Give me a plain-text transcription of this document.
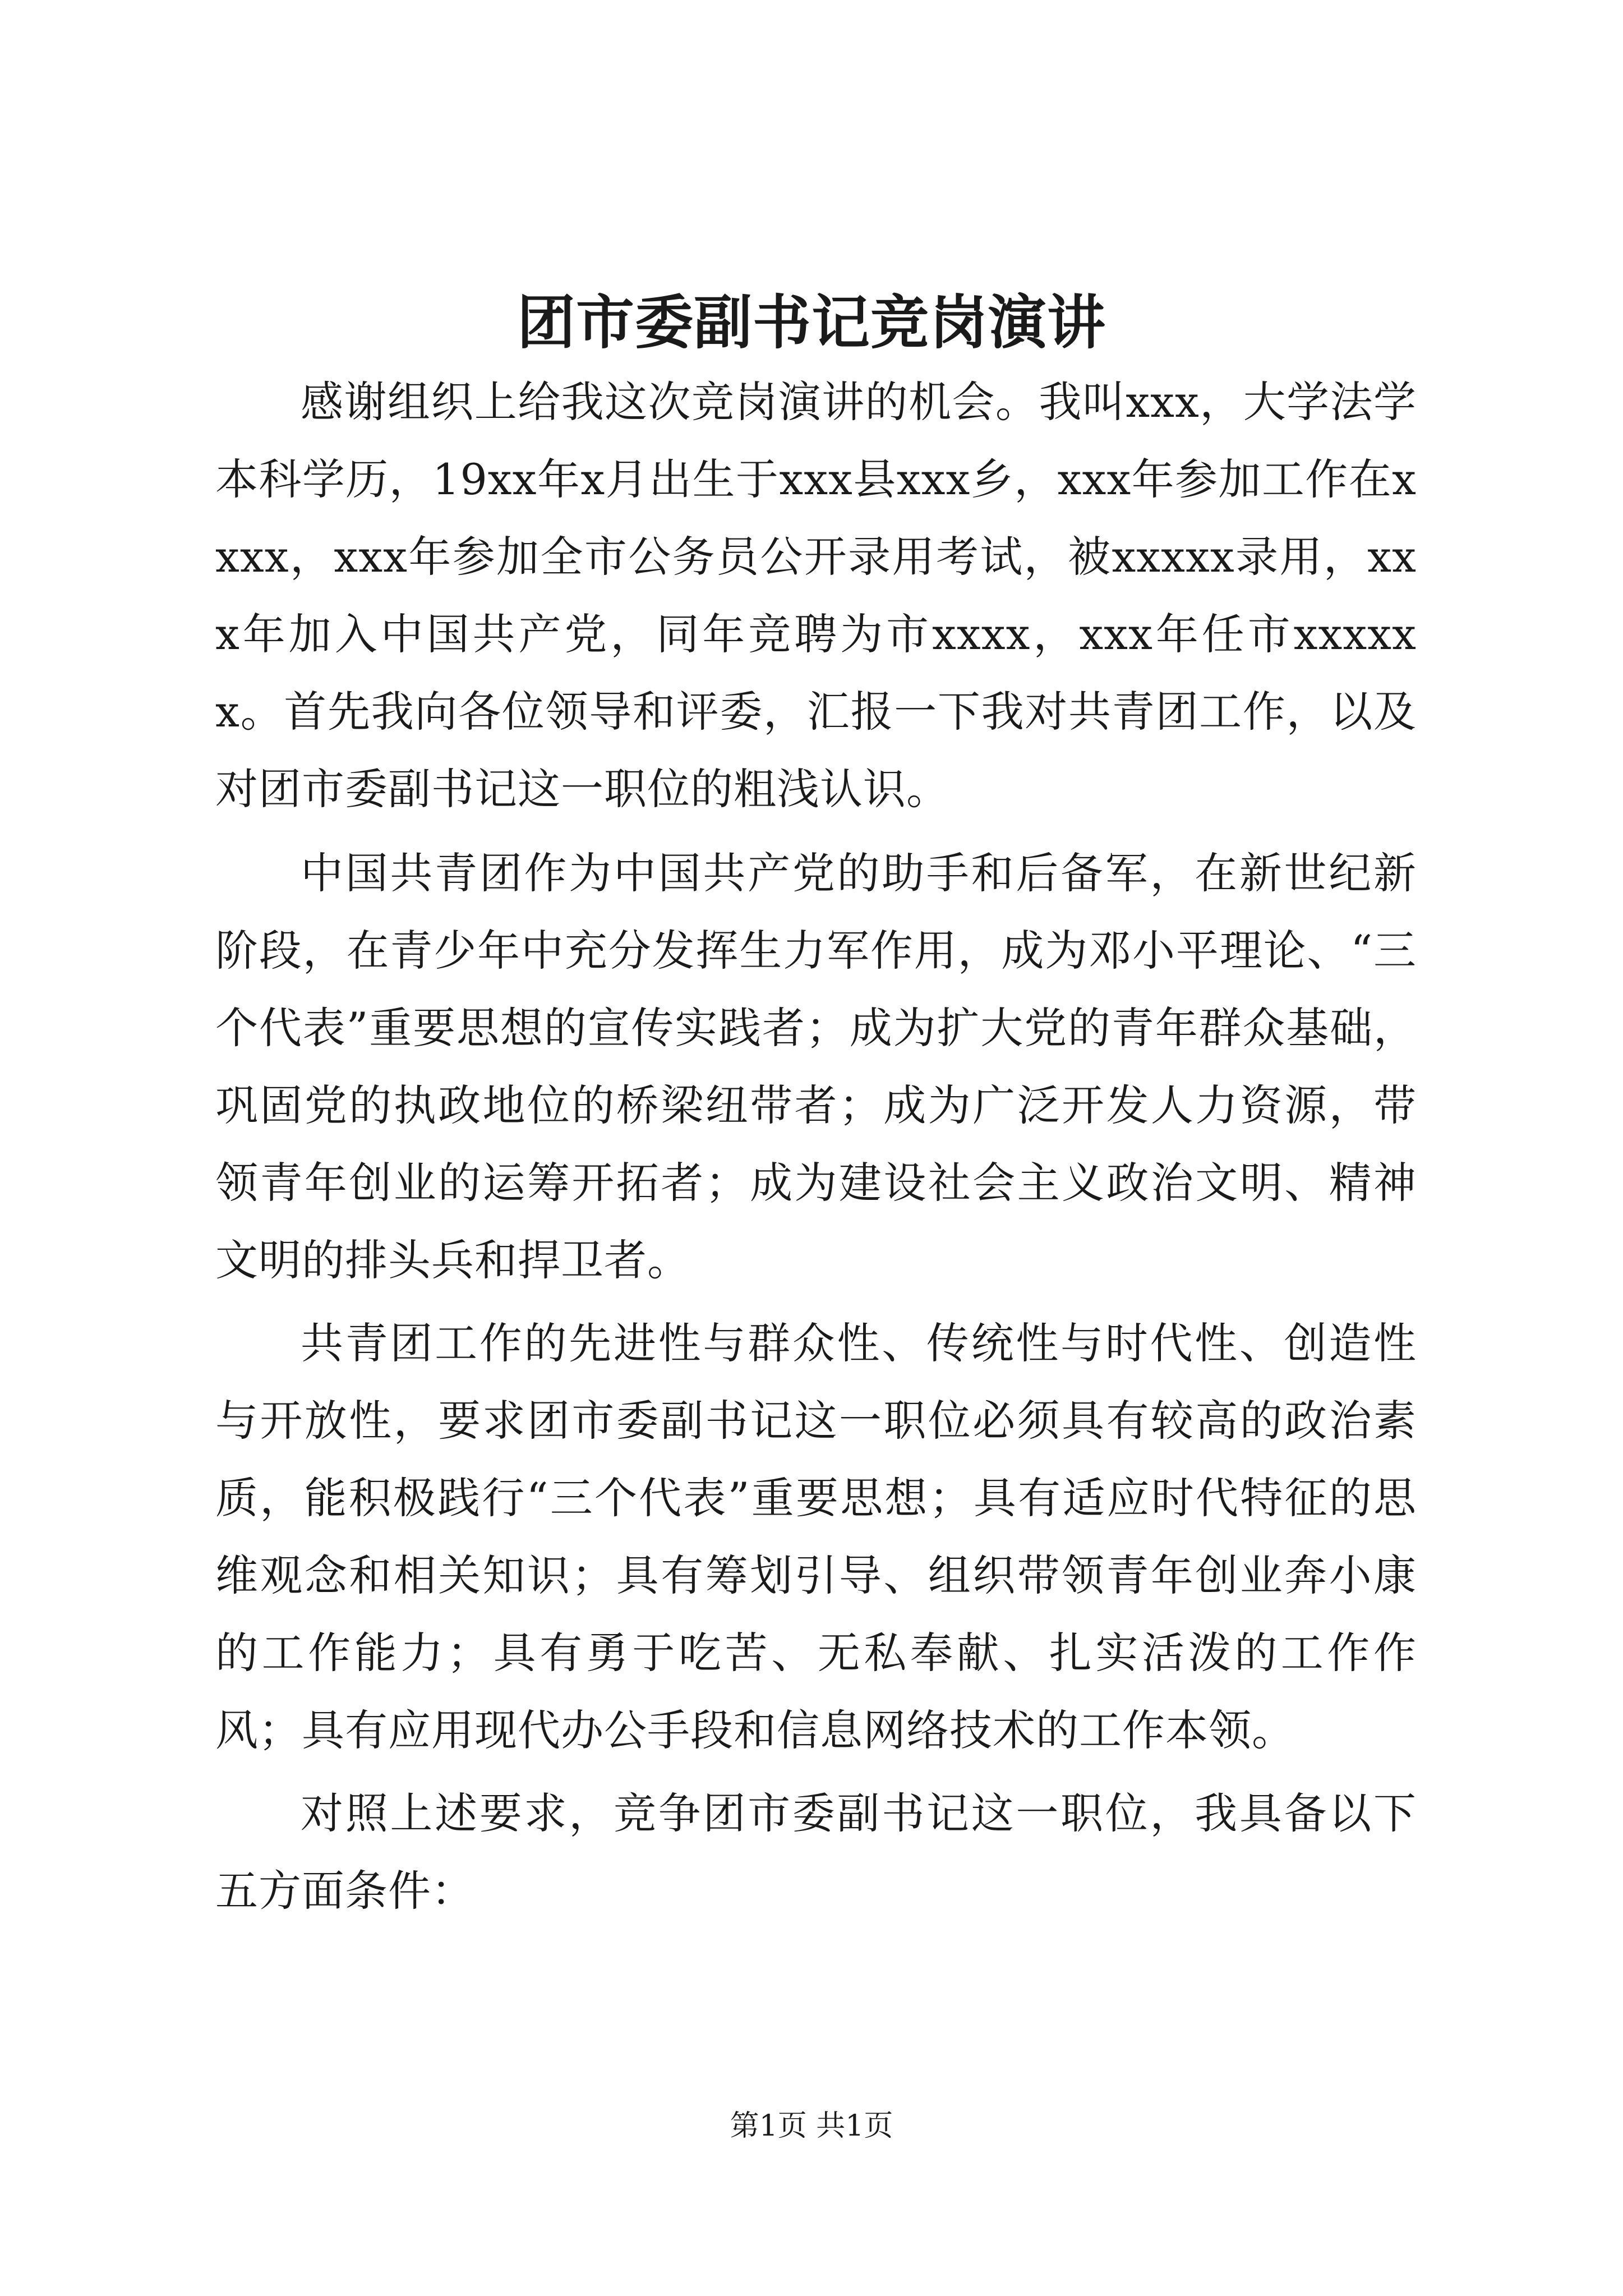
团市委副书记竞岗演讲

感谢组织上给我这次竞岗演讲的机会。我叫xxx，大学法学本科学历，19xx年x月出生于xxx县xxx乡，xxx年参加工作在xxxx，xxx年参加全市公务员公开录用考试，被xxxxx录用，xxx年加入中国共产党，同年竞聘为市xxxx，xxx年任市xxxxxx。首先我向各位领导和评委，汇报一下我对共青团工作，以及对团市委副书记这一职位的粗浅认识。

中国共青团作为中国共产党的助手和后备军，在新世纪新阶段，在青少年中充分发挥生力军作用，成为邓小平理论、“三个代表”重要思想的宣传实践者；成为扩大党的青年群众基础，巩固党的执政地位的桥梁纽带者；成为广泛开发人力资源，带领青年创业的运筹开拓者；成为建设社会主义政治文明、精神文明的排头兵和捍卫者。

共青团工作的先进性与群众性、传统性与时代性、创造性与开放性，要求团市委副书记这一职位必须具有较高的政治素质，能积极践行“三个代表”重要思想；具有适应时代特征的思维观念和相关知识；具有筹划引导、组织带领青年创业奔小康的工作能力；具有勇于吃苦、无私奉献、扎实活泼的工作作风；具有应用现代办公手段和信息网络技术的工作本领。

对照上述要求，竞争团市委副书记这一职位，我具备以下五方面条件：

第1页 共1页
